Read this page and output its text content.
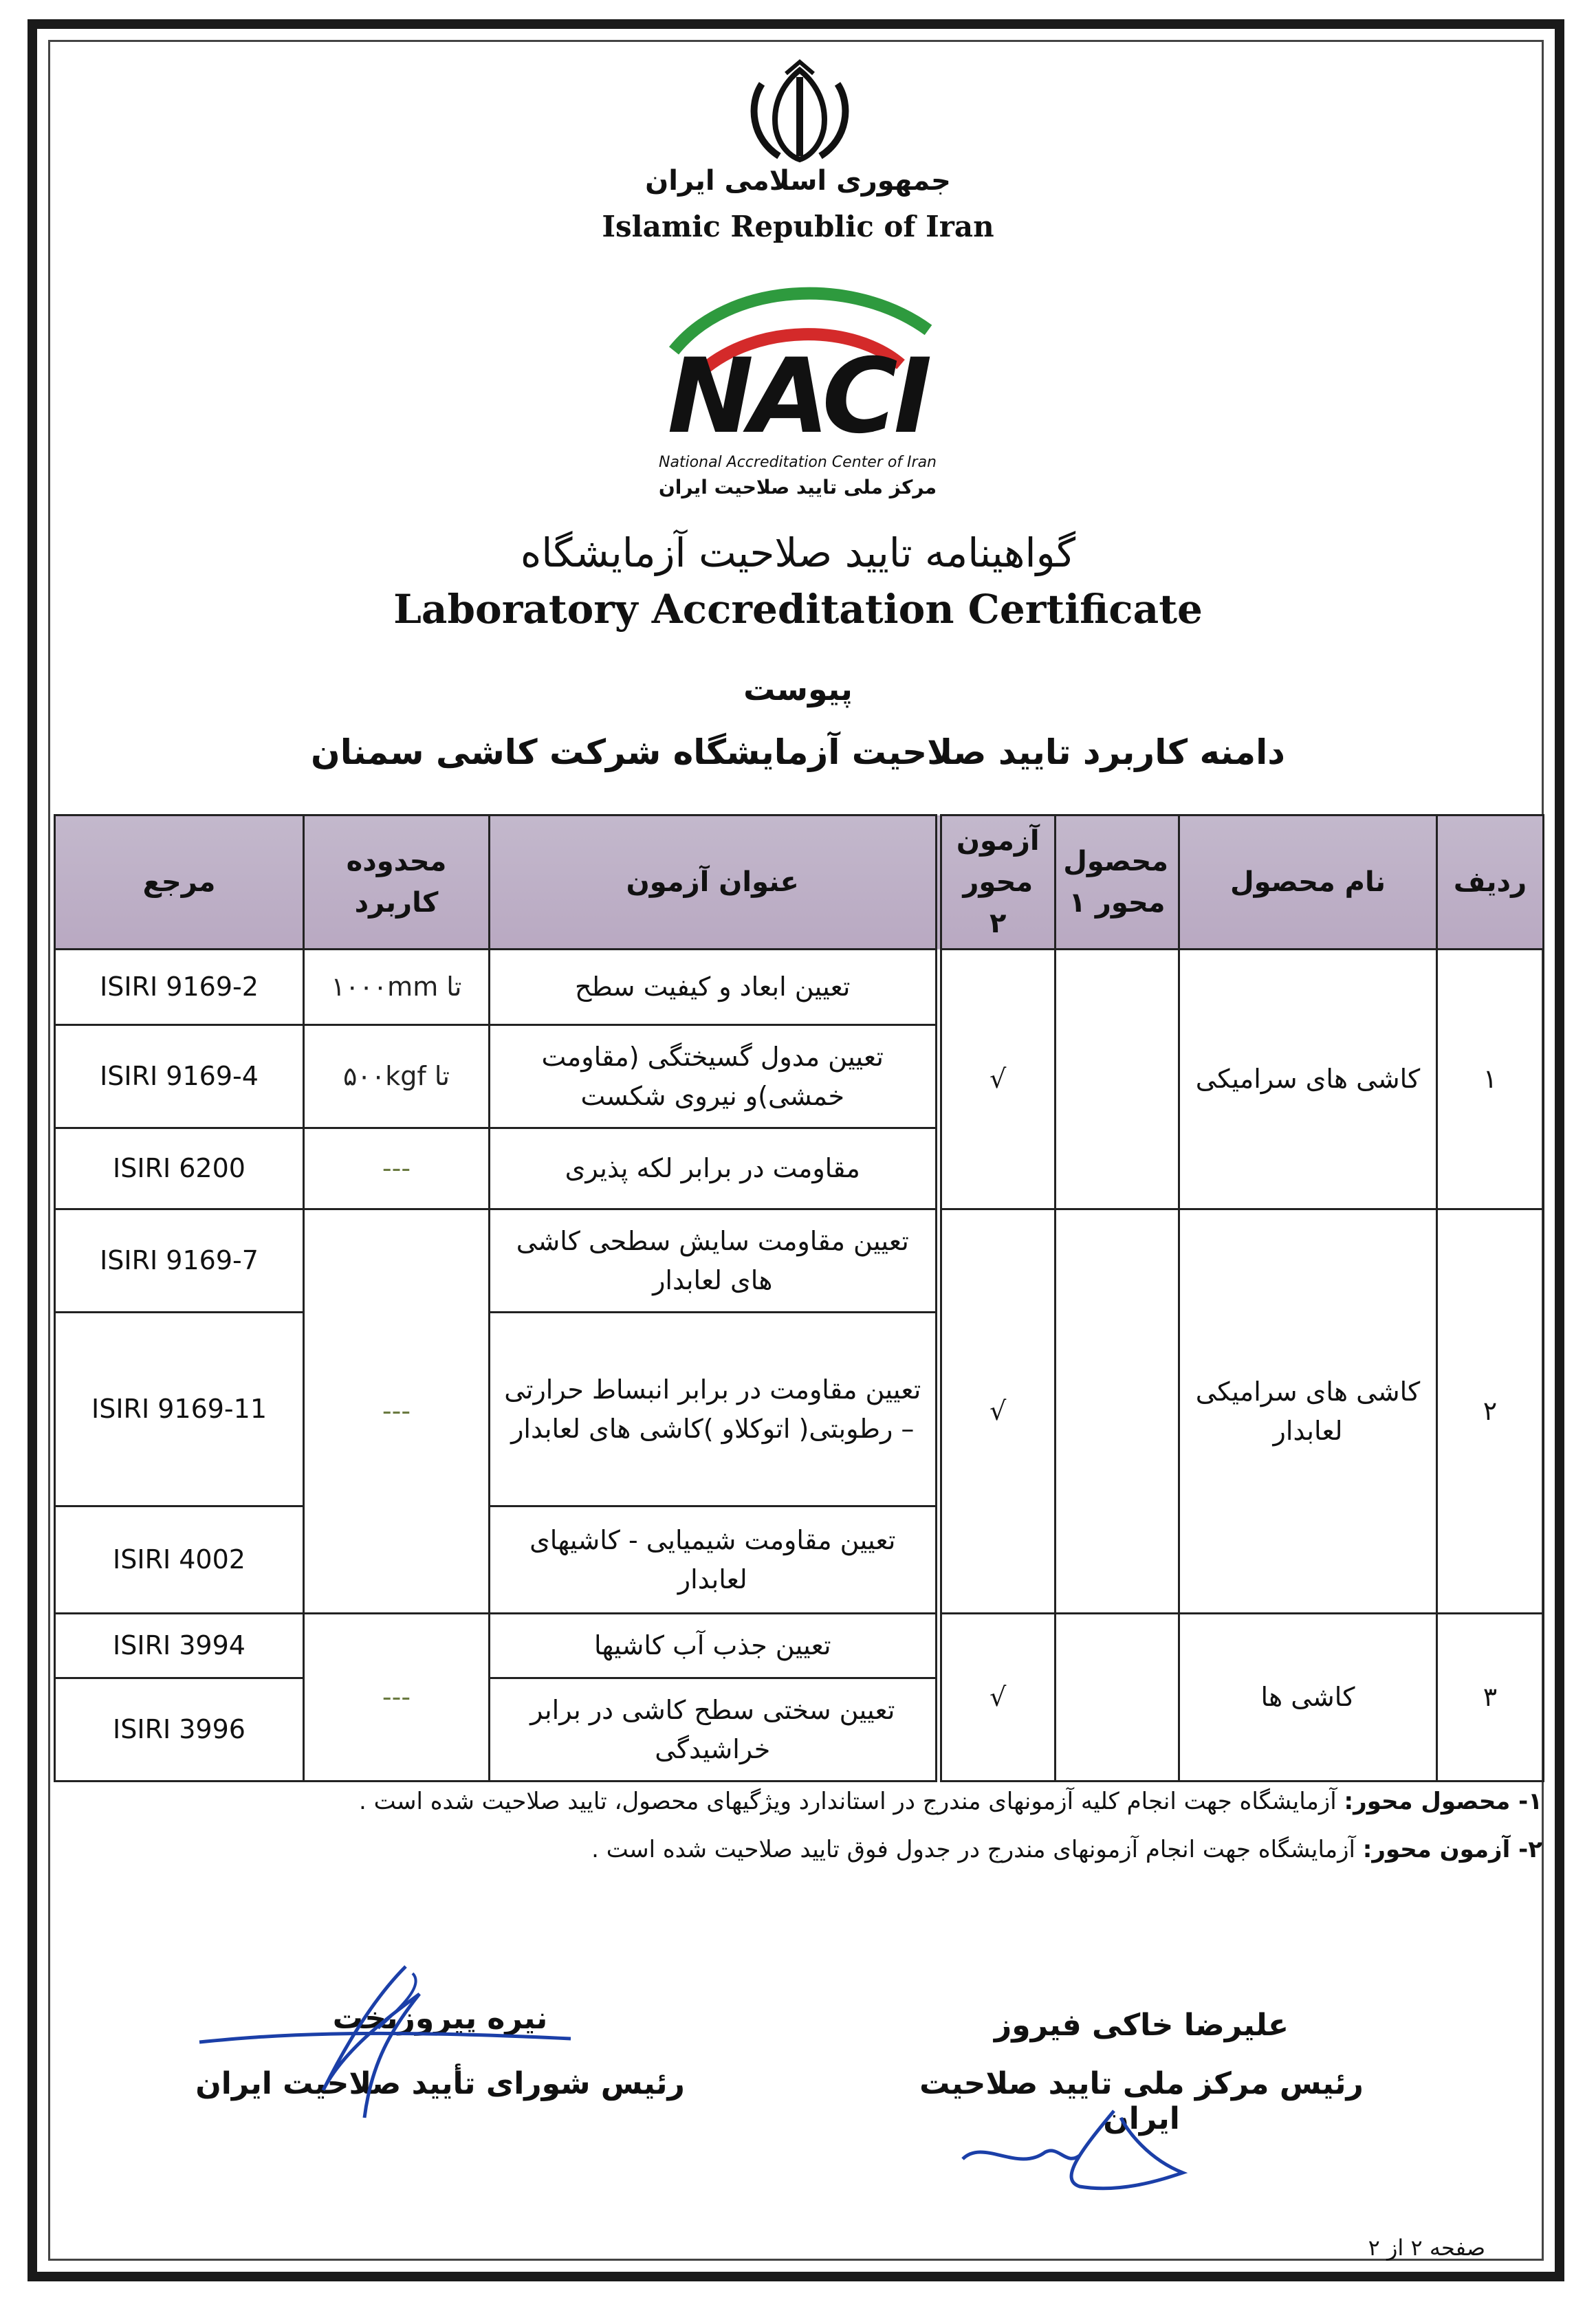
جمهوری اسلامی ایران
Islamic Republic of Iran
NACI
National Accreditation Center of Iran
مرکز ملی تایید صلاحیت ایران
گواهینامه تایید صلاحیت آزمایشگاه
Laboratory Accreditation Certificate
پیوست
دامنه کاربرد تایید صلاحیت آزمایشگاه شرکت کاشی سمنان
مرجع	محدوده کاربرد	عنوان آزمون	آزمون محور ۲	محصول محور ۱	نام محصول	ردیف
ISIRI 9169-2	تا ۱۰۰۰mm	تعیین ابعاد و کیفیت سطح	√		کاشی های سرامیکی	۱
ISIRI 9169-4	تا ۵۰۰kgf	تعیین مدول گسیختگی (مقاومت خمشی)و نیروی شکست				
ISIRI 6200	---	مقاومت در برابر لکه پذیری				
ISIRI 9169-7	---	تعیین مقاومت سایش سطحی کاشی های لعابدار	√		کاشی های سرامیکی لعابدار	۲
ISIRI 9169-11		تعیین مقاومت در برابر انبساط حرارتی – رطوبتی( اتوکلاو )کاشی های لعابدار				
ISIRI 4002		تعیین مقاومت شیمیایی - کاشیهای لعابدار				
ISIRI 3994	---	تعیین جذب آب کاشیها	√		کاشی ها	۳
ISIRI 3996		تعیین سختی سطح کاشی در برابر خراشیدگی				
۱- محصول محور: آزمایشگاه جهت انجام کلیه آزمونهای مندرج در استاندارد ویژگیهای محصول، تایید صلاحیت شده است .
۲- آزمون محور: آزمایشگاه جهت انجام آزمونهای مندرج در جدول فوق تایید صلاحیت شده است .
علیرضا خاکی فیروز
رئیس مرکز ملی تایید صلاحیت ایران
نیره پیروزبخت
رئیس شورای تأیید صلاحیت ایران
صفحه ۲ از ۲
